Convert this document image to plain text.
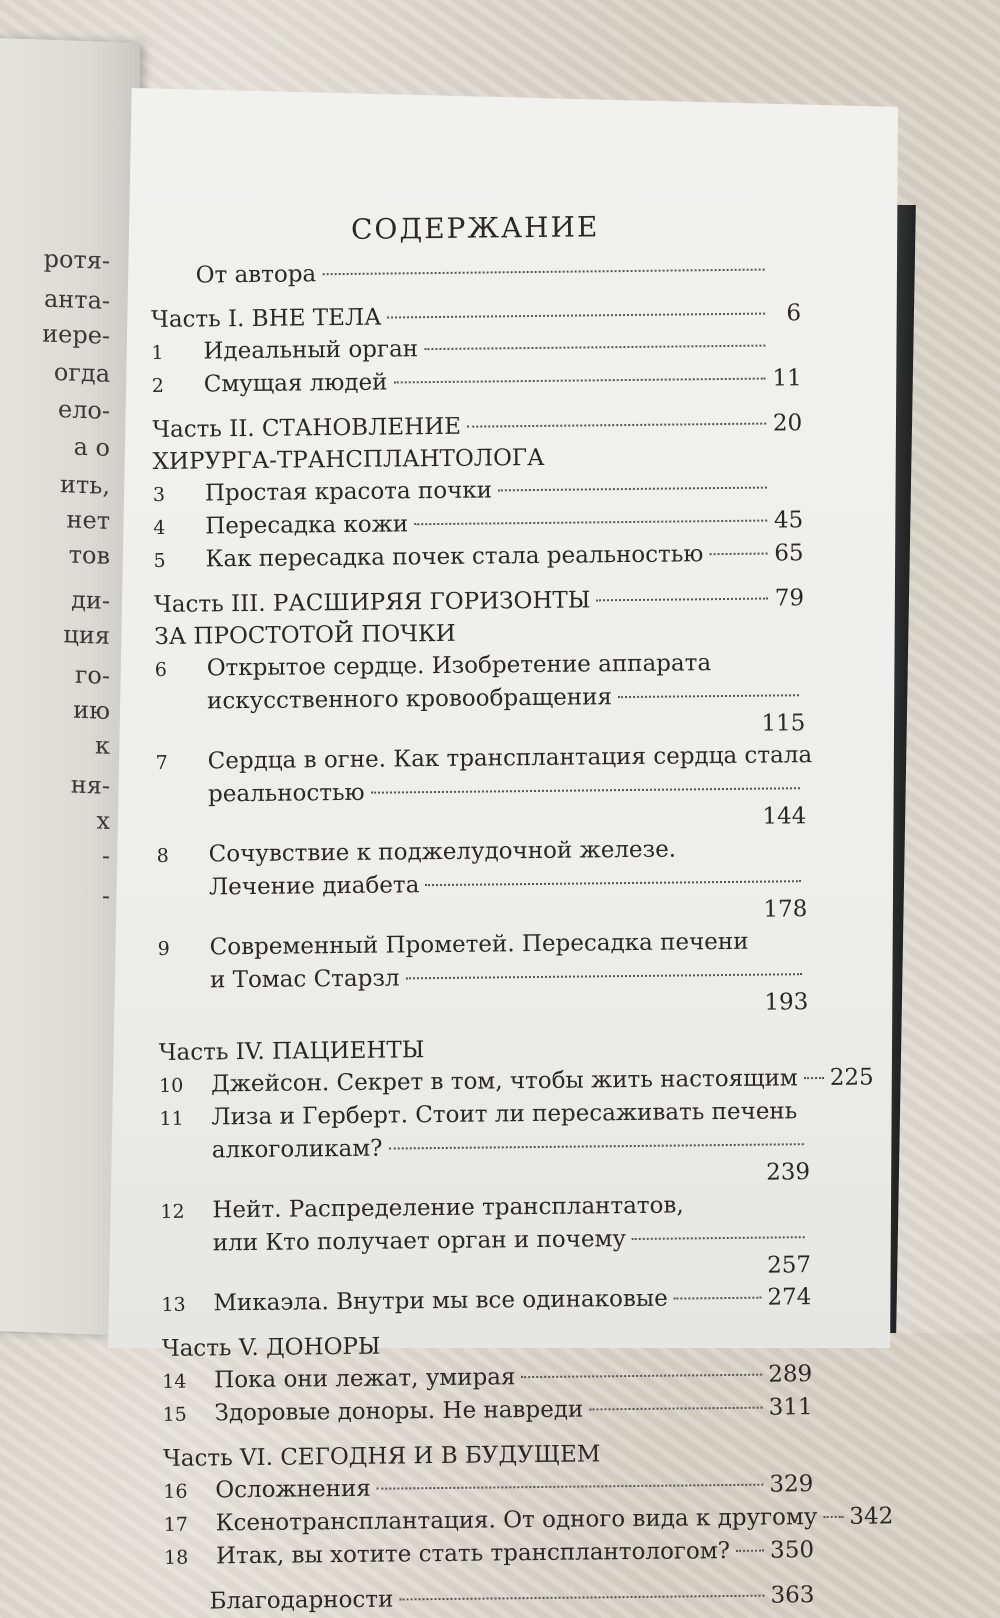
ротя-
анта-
иере-
огда
ело-
а о
ить,
нет
тов
ди-
ция
го-
ию
к
ня-
х
-
-
СОДЕРЖАНИЕ
От автора
Часть I. ВНЕ ТЕЛА	6
1	Идеальный орган
2	Смущая людей	11
Часть II. СТАНОВЛЕНИЕ	20
ХИРУРГА-ТРАНСПЛАНТОЛОГА
3	Простая красота почки
4	Пересадка кожи	45
5	Как пересадка почек стала реальностью	65
Часть III. РАСШИРЯЯ ГОРИЗОНТЫ	79
ЗА ПРОСТОТОЙ ПОЧКИ
6	Открытое сердце. Изобретение аппарата
искусственного кровообращения
115
7	Сердца в огне. Как трансплантация сердца стала
реальностью
144
8	Сочувствие к поджелудочной железе.
Лечение диабета
178
9	Современный Прометей. Пересадка печени
и Томас Старзл
193
Часть IV. ПАЦИЕНТЫ
10	Джейсон. Секрет в том, чтобы жить настоящим 225
11	Лиза и Герберт. Стоит ли пересаживать печень
алкоголикам?
239
12	Нейт. Распределение трансплантатов,
или Кто получает орган и почему
257
13	Микаэла. Внутри мы все одинаковые	274
Часть V. ДОНОРЫ
14	Пока они лежат, умирая	289
15	Здоровые доноры. Не навреди	311
Часть VI. СЕГОДНЯ И В БУДУЩЕМ
16	Осложнения	329
17	Ксенотрансплантация. От одного вида к другому 342
18	Итак, вы хотите стать трансплантологом? 350
Благодарности	363
